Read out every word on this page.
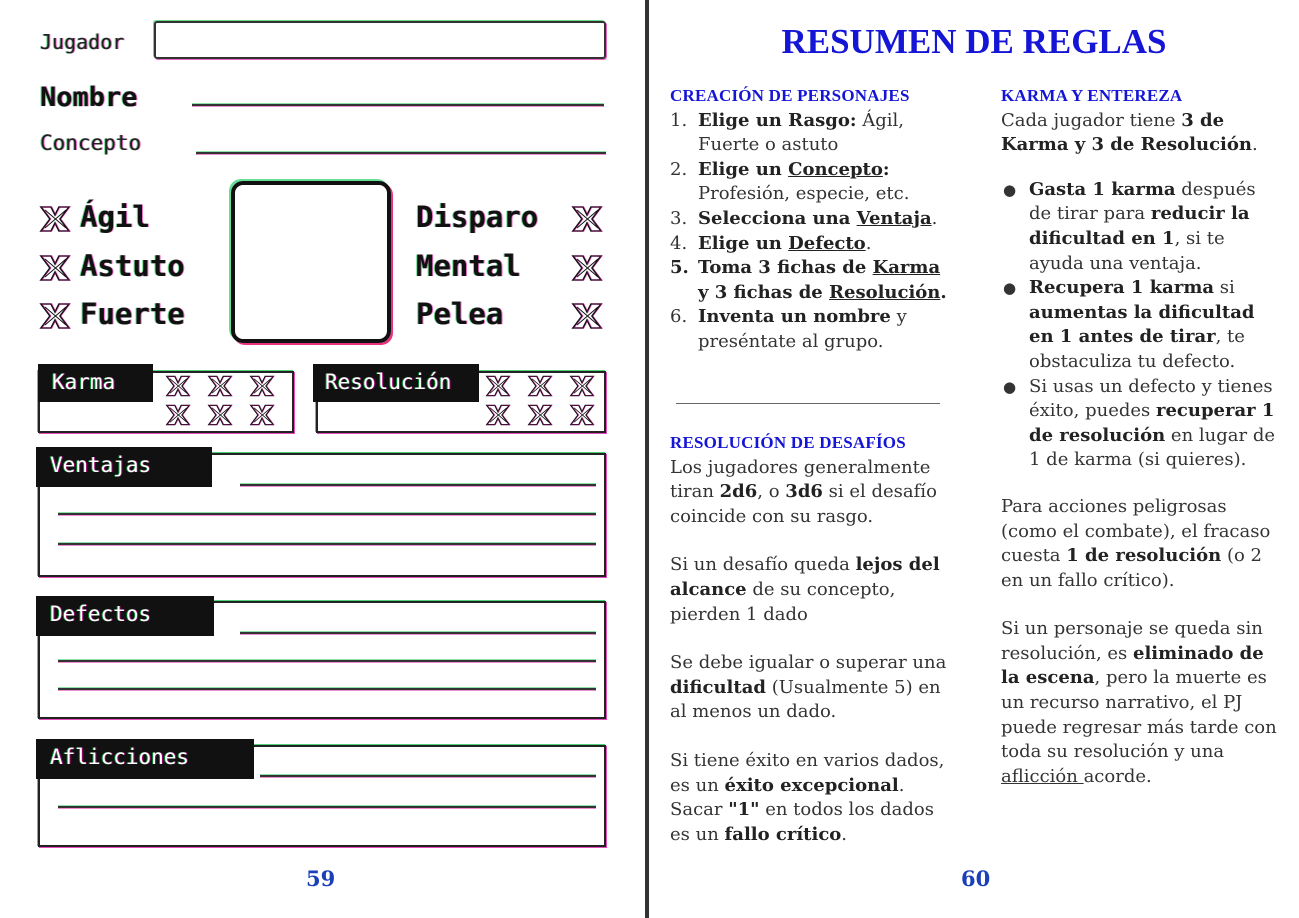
Jugador
Nombre
Concepto
Ágil
Astuto
Fuerte
Disparo
Mental
Pelea
Karma	Resolución
Ventajas
Defectos
Aflicciones
59
RESUMEN DE REGLAS
CREACIÓN DE PERSONAJES
1. Elige un Rasgo: Ágil, Fuerte o astuto
2. Elige un Concepto: Profesión, especie, etc.
3. Selecciona una Ventaja.
4. Elige un Defecto.
5. Toma 3 fichas de Karma y 3 fichas de Resolución.
6. Inventa un nombre y preséntate al grupo.
RESOLUCIÓN DE DESAFÍOS

Los jugadores generalmente tiran 2d6, o 3d6 si el desafío coincide con su rasgo.

Si un desafío queda lejos del alcance de su concepto, pierden 1 dado

Se debe igualar o superar una dificultad (Usualmente 5) en al menos un dado.

Si tiene éxito en varios dados, es un éxito excepcional. Sacar "1" en todos los dados es un fallo crítico.

KARMA Y ENTEREZA
Cada jugador tiene 3 de Karma y 3 de Resolución.
● Gasta 1 karma después de tirar para reducir la dificultad en 1, si te ayuda una ventaja.
● Recupera 1 karma si aumentas la dificultad en 1 antes de tirar, te obstaculiza tu defecto.
● Si usas un defecto y tienes éxito, puedes recuperar 1 de resolución en lugar de 1 de karma (si quieres).

Para acciones peligrosas (como el combate), el fracaso cuesta 1 de resolución (o 2 en un fallo crítico).

Si un personaje se queda sin resolución, es eliminado de la escena, pero la muerte es un recurso narrativo, el PJ puede regresar más tarde con toda su resolución y una aflicción acorde.

60
